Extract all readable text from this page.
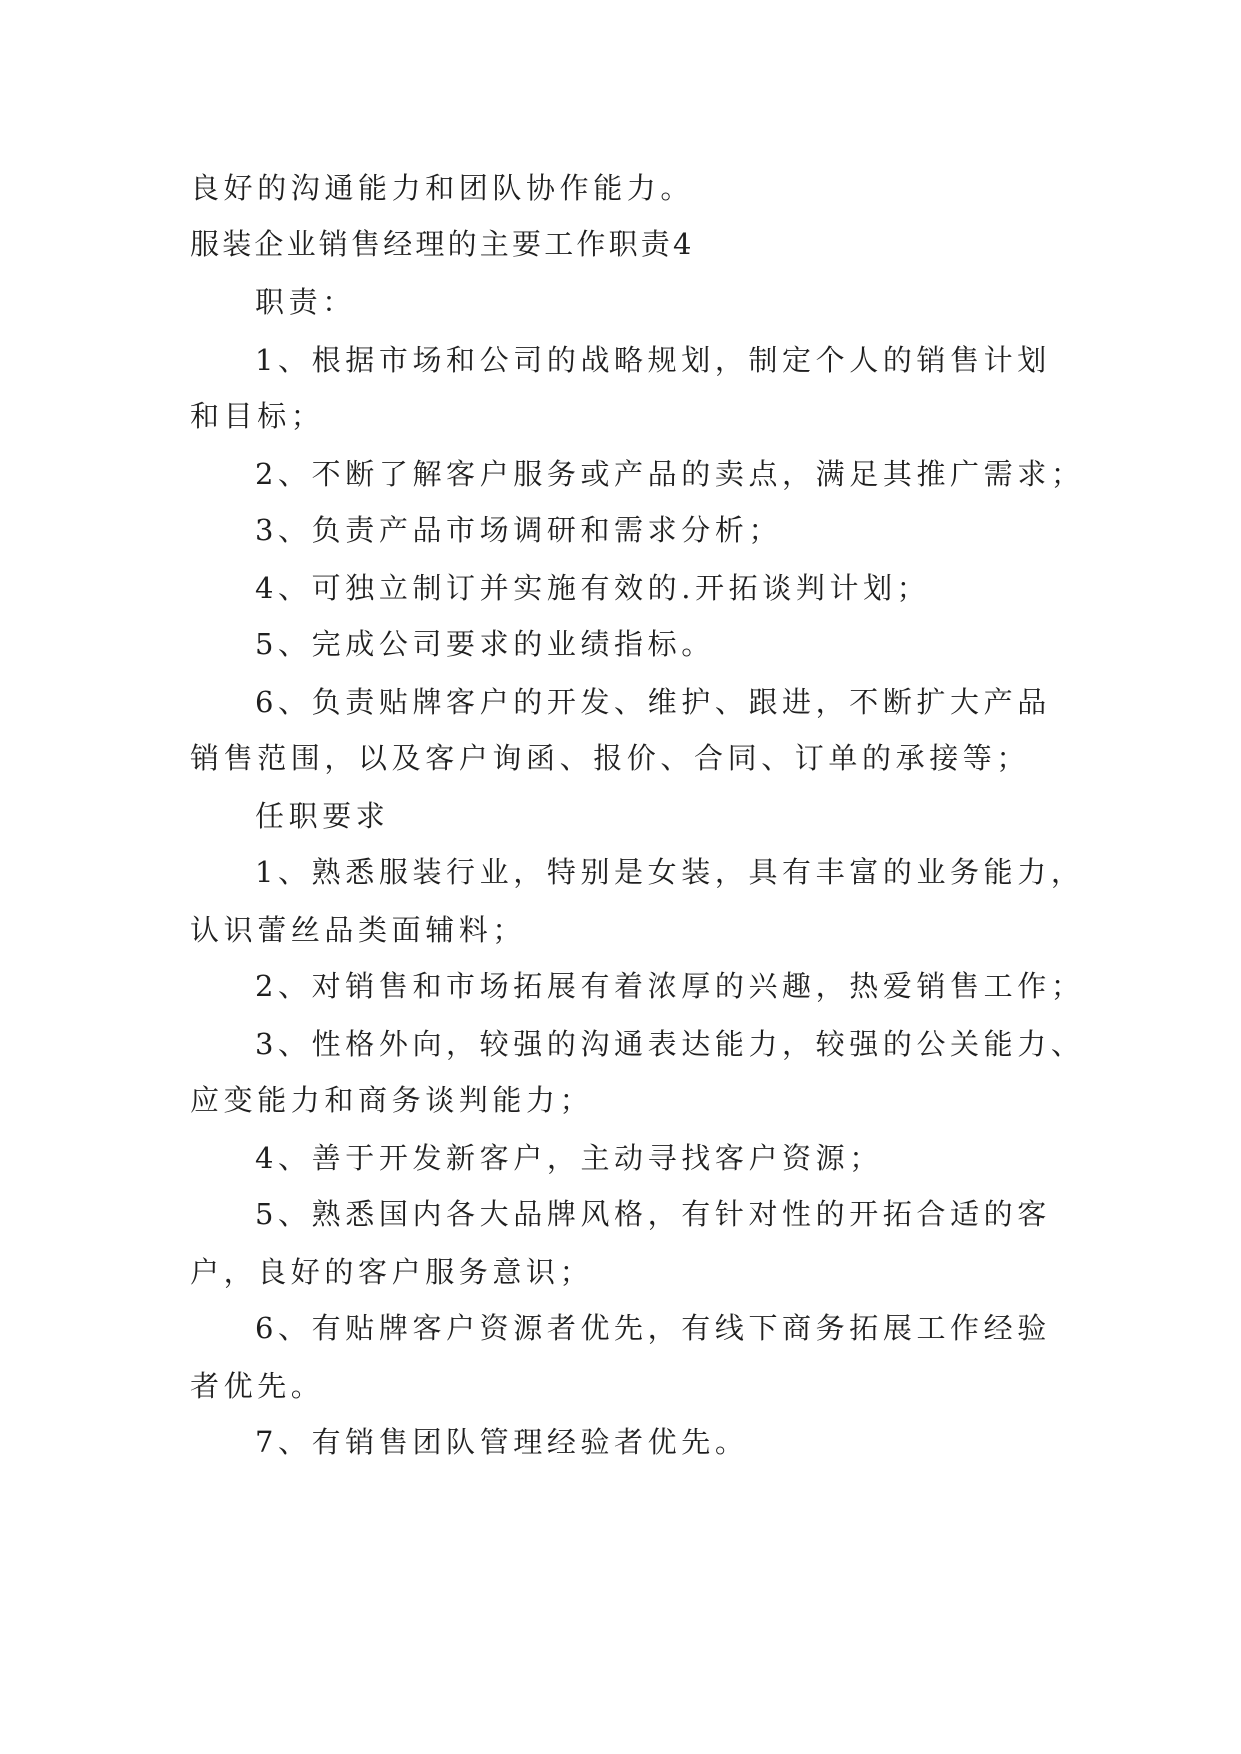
良好的沟通能力和团队协作能力。
服装企业销售经理的主要工作职责4
职责：
1、根据市场和公司的战略规划，制定个人的销售计划
和目标；
2、不断了解客户服务或产品的卖点，满足其推广需求；
3、负责产品市场调研和需求分析；
4、可独立制订并实施有效的.开拓谈判计划；
5、完成公司要求的业绩指标。
6、负责贴牌客户的开发、维护、跟进，不断扩大产品
销售范围，以及客户询函、报价、合同、订单的承接等；
任职要求
1、熟悉服装行业，特别是女装，具有丰富的业务能力，
认识蕾丝品类面辅料；
2、对销售和市场拓展有着浓厚的兴趣，热爱销售工作；
3、性格外向，较强的沟通表达能力，较强的公关能力、
应变能力和商务谈判能力；
4、善于开发新客户，主动寻找客户资源；
5、熟悉国内各大品牌风格，有针对性的开拓合适的客
户，良好的客户服务意识；
6、有贴牌客户资源者优先，有线下商务拓展工作经验
者优先。
7、有销售团队管理经验者优先。
